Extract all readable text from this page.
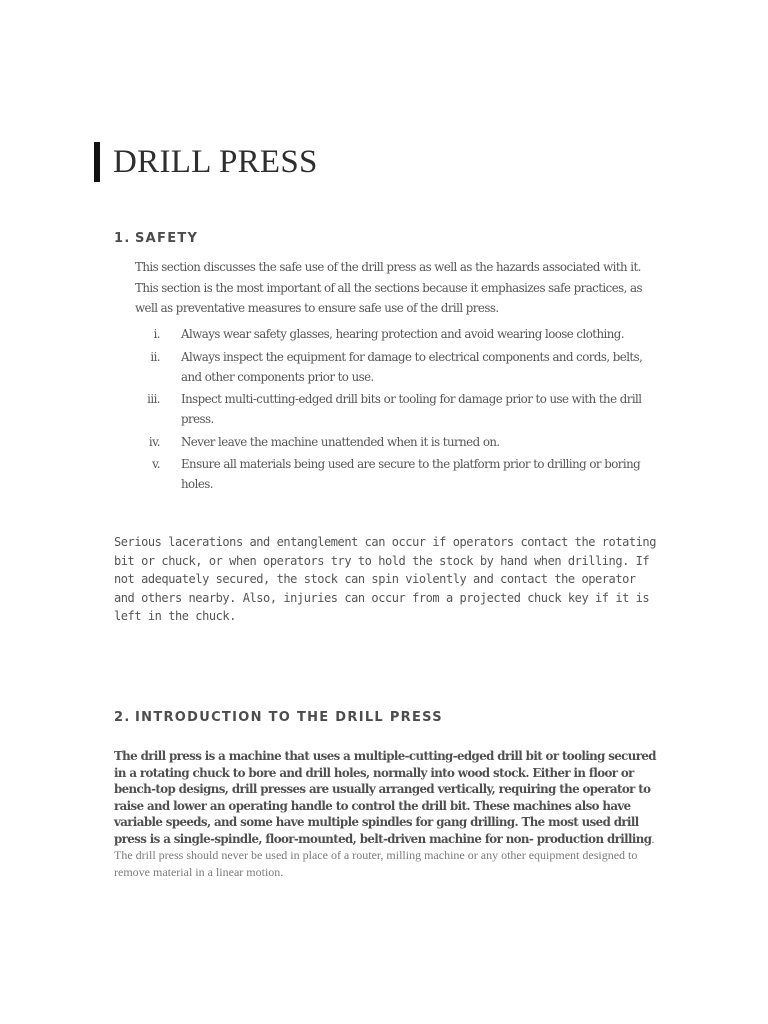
DRILL PRESS
1. SAFETY
This section discusses the safe use of the drill press as well as the hazards associated with it. This section is the most important of all the sections because it emphasizes safe practices, as well as preventative measures to ensure safe use of the drill press.
i.	Always wear safety glasses, hearing protection and avoid wearing loose clothing.
ii.	Always inspect the equipment for damage to electrical components and cords, belts, and other components prior to use.
iii.	Inspect multi-cutting-edged drill bits or tooling for damage prior to use with the drill press.
iv.	Never leave the machine unattended when it is turned on.
v.	Ensure all materials being used are secure to the platform prior to drilling or boring holes.
Serious lacerations and entanglement can occur if operators contact the rotating bit or chuck, or when operators try to hold the stock by hand when drilling. If not adequately secured, the stock can spin violently and contact the operator and others nearby. Also, injuries can occur from a projected chuck key if it is left in the chuck.
2. INTRODUCTION TO THE DRILL PRESS
The drill press is a machine that uses a multiple-cutting-edged drill bit or tooling secured in a rotating chuck to bore and drill holes, normally into wood stock. Either in floor or bench-top designs, drill presses are usually arranged vertically, requiring the operator to raise and lower an operating handle to control the drill bit. These machines also have variable speeds, and some have multiple spindles for gang drilling. The most used drill press is a single-spindle, floor-mounted, belt-driven machine for non- production drilling. The drill press should never be used in place of a router, milling machine or any other equipment designed to remove material in a linear motion.
